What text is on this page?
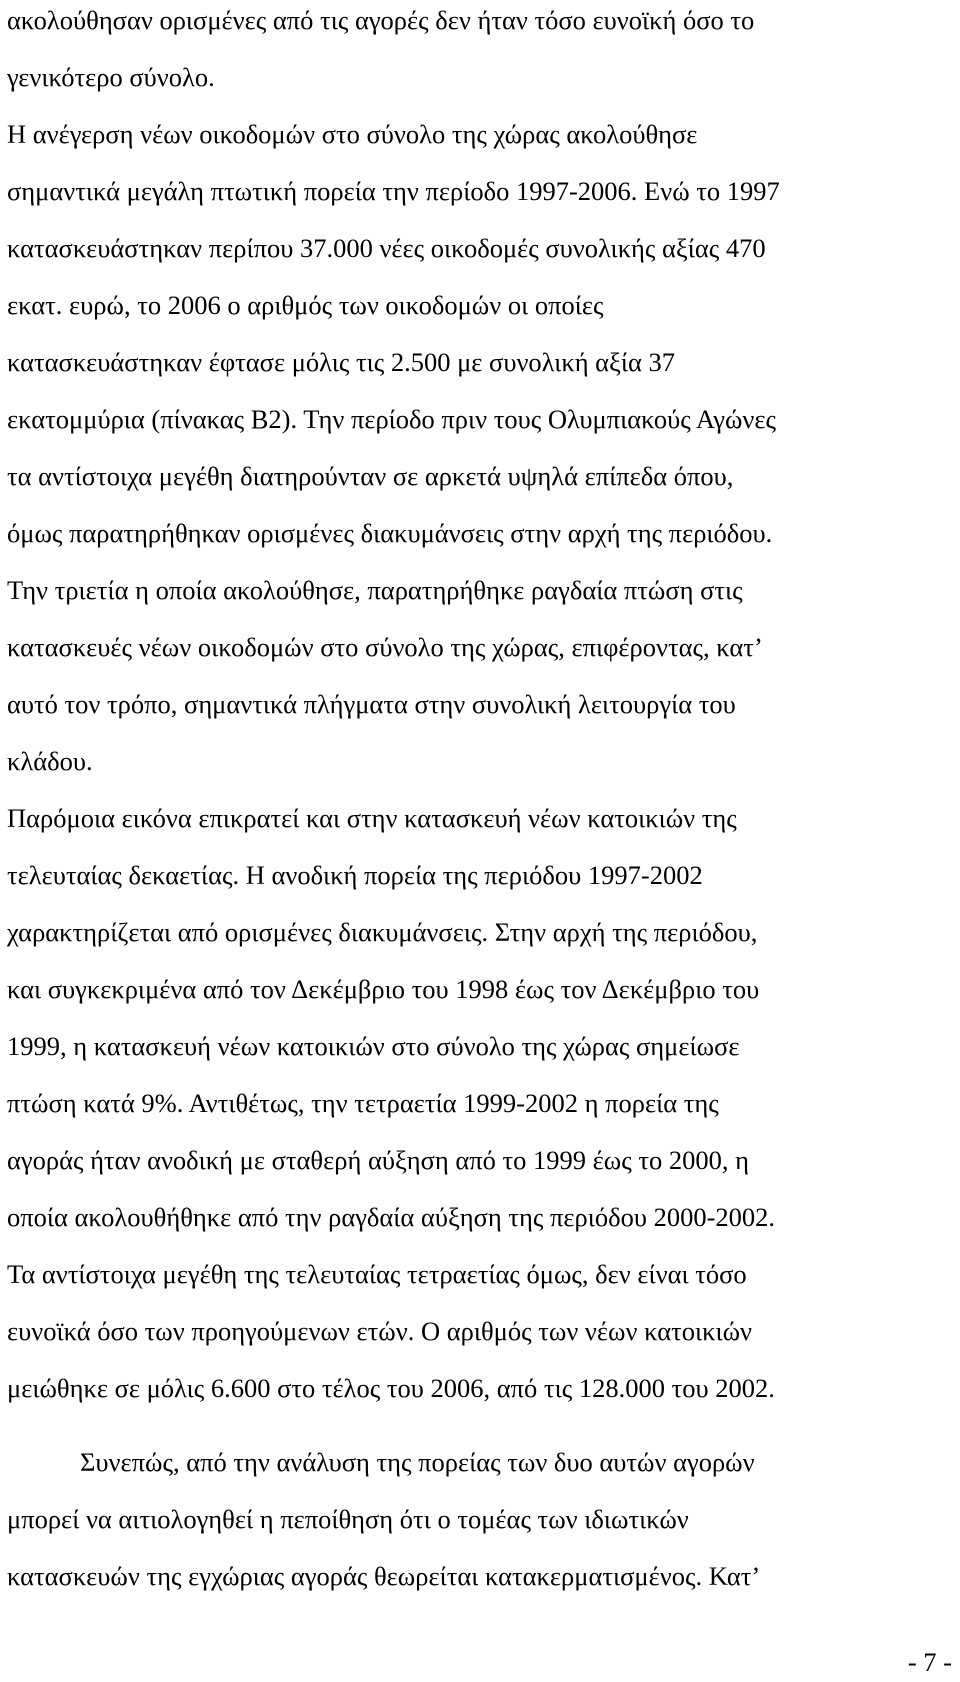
ακολούθησαν ορισμένες από τις αγορές δεν ήταν τόσο ευνοϊκή όσο το
γενικότερο σύνολο.
Η ανέγερση νέων οικοδομών στο σύνολο της χώρας ακολούθησε
σημαντικά μεγάλη πτωτική πορεία την περίοδο 1997-2006. Ενώ το 1997
κατασκευάστηκαν περίπου 37.000 νέες οικοδομές συνολικής αξίας 470
εκατ. ευρώ, το 2006 ο αριθμός των οικοδομών οι οποίες
κατασκευάστηκαν έφτασε μόλις τις 2.500 με συνολική αξία 37
εκατομμύρια (πίνακας Β2). Την περίοδο πριν τους Ολυμπιακούς Αγώνες
τα αντίστοιχα μεγέθη διατηρούνταν σε αρκετά υψηλά επίπεδα όπου,
όμως παρατηρήθηκαν ορισμένες διακυμάνσεις στην αρχή της περιόδου.
Την τριετία η οποία ακολούθησε, παρατηρήθηκε ραγδαία πτώση στις
κατασκευές νέων οικοδομών στο σύνολο της χώρας, επιφέροντας, κατ’
αυτό τον τρόπο, σημαντικά πλήγματα στην συνολική λειτουργία του
κλάδου.
Παρόμοια εικόνα επικρατεί και στην κατασκευή νέων κατοικιών της
τελευταίας δεκαετίας. Η ανοδική πορεία της περιόδου 1997-2002
χαρακτηρίζεται από ορισμένες διακυμάνσεις. Στην αρχή της περιόδου,
και συγκεκριμένα από τον Δεκέμβριο του 1998 έως τον Δεκέμβριο του
1999, η κατασκευή νέων κατοικιών στο σύνολο της χώρας σημείωσε
πτώση κατά 9%. Αντιθέτως, την τετραετία 1999-2002 η πορεία της
αγοράς ήταν ανοδική με σταθερή αύξηση από το 1999 έως το 2000, η
οποία ακολουθήθηκε από την ραγδαία αύξηση της περιόδου 2000-2002.
Τα αντίστοιχα μεγέθη της τελευταίας τετραετίας όμως, δεν είναι τόσο
ευνοϊκά όσο των προηγούμενων ετών. Ο αριθμός των νέων κατοικιών
μειώθηκε σε μόλις 6.600 στο τέλος του 2006, από τις 128.000 του 2002.
Συνεπώς, από την ανάλυση της πορείας των δυο αυτών αγορών
μπορεί να αιτιολογηθεί η πεποίθηση ότι ο τομέας των ιδιωτικών
κατασκευών της εγχώριας αγοράς θεωρείται κατακερματισμένος. Κατ’
- 7 -
